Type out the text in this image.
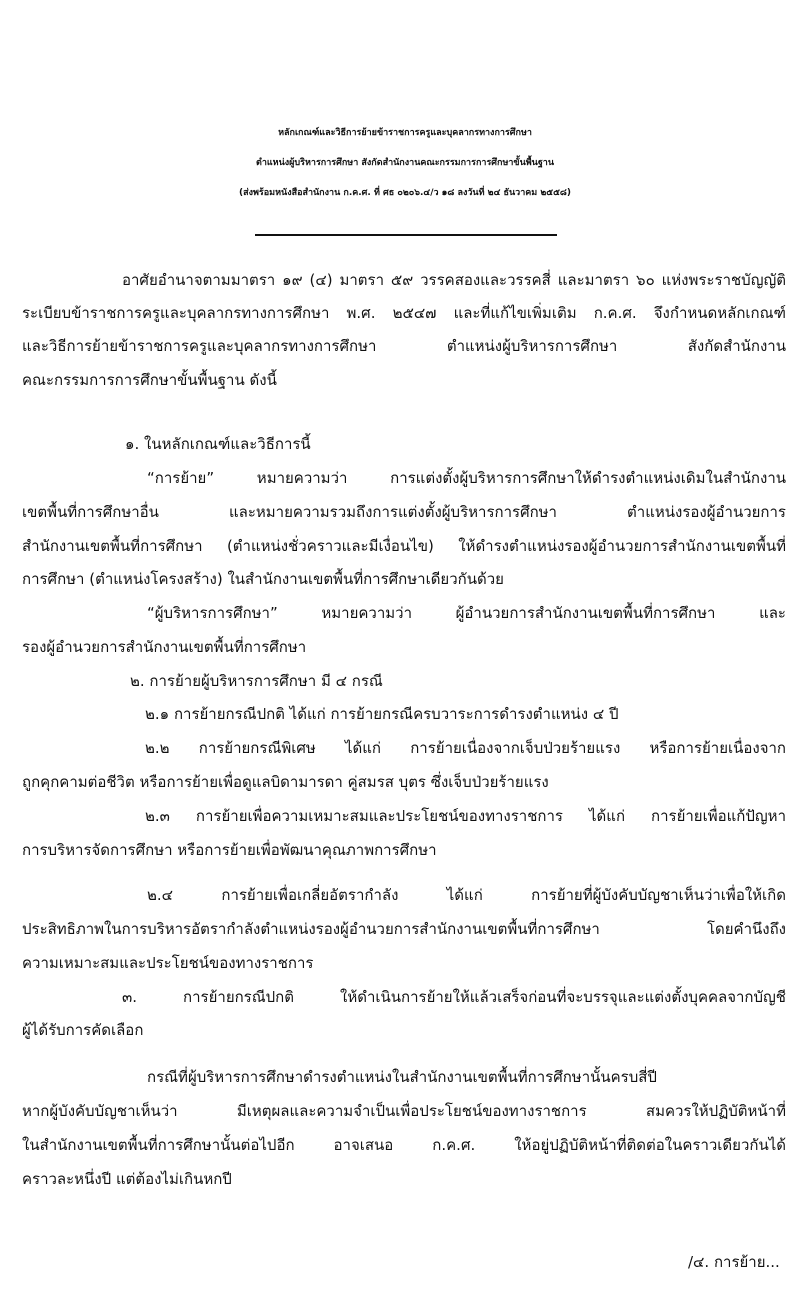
หลักเกณฑ์และวิธีการย้ายข้าราชการครูและบุคลากรทางการศึกษา
ตำแหน่งผู้บริหารการศึกษา สังกัดสำนักงานคณะกรรมการการศึกษาขั้นพื้นฐาน
(ส่งพร้อมหนังสือสำนักงาน ก.ค.ศ. ที่ ศธ ๐๒๐๖.๔/ว ๑๘ ลงวันที่ ๒๔ ธันวาคม ๒๕๕๘)
อาศัยอำนาจตามมาตรา ๑๙ (๔) มาตรา ๕๙ วรรคสองและวรรคสี่ และมาตรา ๖๐ แห่งพระราชบัญญัติ
ระเบียบข้าราชการครูและบุคลากรทางการศึกษา พ.ศ. ๒๕๔๗ และที่แก้ไขเพิ่มเติม ก.ค.ศ. จึงกำหนดหลักเกณฑ์
และวิธีการย้ายข้าราชการครูและบุคลากรทางการศึกษา ตำแหน่งผู้บริหารการศึกษา สังกัดสำนักงาน
คณะกรรมการการศึกษาขั้นพื้นฐาน ดังนี้
๑. ในหลักเกณฑ์และวิธีการนี้
“การย้าย” หมายความว่า การแต่งตั้งผู้บริหารการศึกษาให้ดำรงตำแหน่งเดิมในสำนักงาน
เขตพื้นที่การศึกษาอื่น และหมายความรวมถึงการแต่งตั้งผู้บริหารการศึกษา ตำแหน่งรองผู้อำนวยการ
สำนักงานเขตพื้นที่การศึกษา (ตำแหน่งชั่วคราวและมีเงื่อนไข) ให้ดำรงตำแหน่งรองผู้อำนวยการสำนักงานเขตพื้นที่
การศึกษา (ตำแหน่งโครงสร้าง) ในสำนักงานเขตพื้นที่การศึกษาเดียวกันด้วย
“ผู้บริหารการศึกษา” หมายความว่า ผู้อำนวยการสำนักงานเขตพื้นที่การศึกษา และ
รองผู้อำนวยการสำนักงานเขตพื้นที่การศึกษา
๒. การย้ายผู้บริหารการศึกษา มี ๔ กรณี
๒.๑ การย้ายกรณีปกติ ได้แก่ การย้ายกรณีครบวาระการดำรงตำแหน่ง ๔ ปี
๒.๒ การย้ายกรณีพิเศษ ได้แก่ การย้ายเนื่องจากเจ็บป่วยร้ายแรง หรือการย้ายเนื่องจาก
ถูกคุกคามต่อชีวิต หรือการย้ายเพื่อดูแลบิดามารดา คู่สมรส บุตร ซึ่งเจ็บป่วยร้ายแรง
๒.๓ การย้ายเพื่อความเหมาะสมและประโยชน์ของทางราชการ ได้แก่ การย้ายเพื่อแก้ปัญหา
การบริหารจัดการศึกษา หรือการย้ายเพื่อพัฒนาคุณภาพการศึกษา
๒.๔ การย้ายเพื่อเกลี่ยอัตรากำลัง ได้แก่ การย้ายที่ผู้บังคับบัญชาเห็นว่าเพื่อให้เกิด
ประสิทธิภาพในการบริหารอัตรากำลังตำแหน่งรองผู้อำนวยการสำนักงานเขตพื้นที่การศึกษา โดยคำนึงถึง
ความเหมาะสมและประโยชน์ของทางราชการ
๓. การย้ายกรณีปกติ ให้ดำเนินการย้ายให้แล้วเสร็จก่อนที่จะบรรจุและแต่งตั้งบุคคลจากบัญชี
ผู้ได้รับการคัดเลือก
กรณีที่ผู้บริหารการศึกษาดำรงตำแหน่งในสำนักงานเขตพื้นที่การศึกษานั้นครบสี่ปี
หากผู้บังคับบัญชาเห็นว่า มีเหตุผลและความจำเป็นเพื่อประโยชน์ของทางราชการ สมควรให้ปฏิบัติหน้าที่
ในสำนักงานเขตพื้นที่การศึกษานั้นต่อไปอีก อาจเสนอ ก.ค.ศ. ให้อยู่ปฏิบัติหน้าที่ติดต่อในคราวเดียวกันได้
คราวละหนึ่งปี แต่ต้องไม่เกินหกปี
/๔. การย้าย...
